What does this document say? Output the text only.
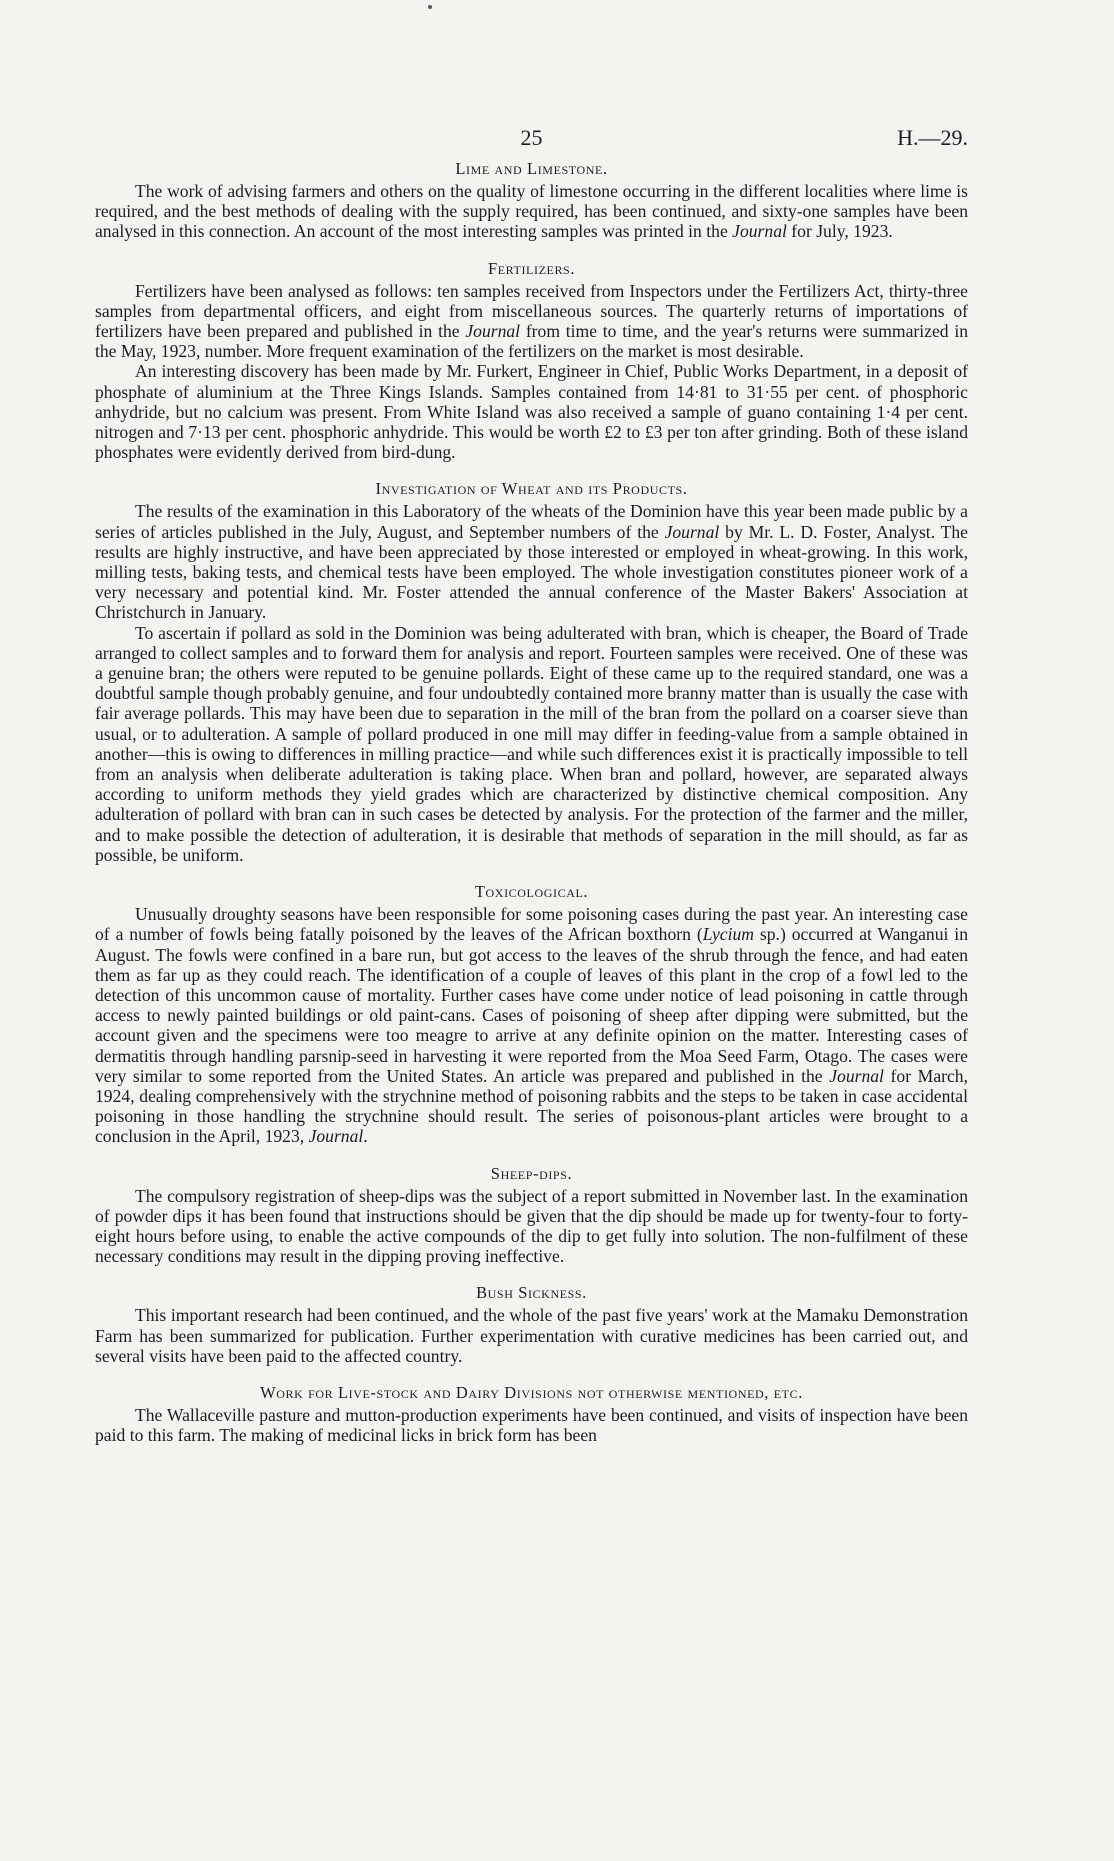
25	H.—29.
Lime and Limestone.

The work of advising farmers and others on the quality of limestone occurring in the different localities where lime is required, and the best methods of dealing with the supply required, has been continued, and sixty-one samples have been analysed in this connection. An account of the most interesting samples was printed in the Journal for July, 1923.

Fertilizers.

Fertilizers have been analysed as follows: ten samples received from Inspectors under the Fertilizers Act, thirty-three samples from departmental officers, and eight from miscellaneous sources. The quarterly returns of importations of fertilizers have been prepared and published in the Journal from time to time, and the year's returns were summarized in the May, 1923, number. More frequent examination of the fertilizers on the market is most desirable.

An interesting discovery has been made by Mr. Furkert, Engineer in Chief, Public Works Department, in a deposit of phosphate of aluminium at the Three Kings Islands. Samples contained from 14·81 to 31·55 per cent. of phosphoric anhydride, but no calcium was present. From White Island was also received a sample of guano containing 1·4 per cent. nitrogen and 7·13 per cent. phosphoric anhydride. This would be worth £2 to £3 per ton after grinding. Both of these island phosphates were evidently derived from bird-dung.

Investigation of Wheat and its Products.

The results of the examination in this Laboratory of the wheats of the Dominion have this year been made public by a series of articles published in the July, August, and September numbers of the Journal by Mr. L. D. Foster, Analyst. The results are highly instructive, and have been appreciated by those interested or employed in wheat-growing. In this work, milling tests, baking tests, and chemical tests have been employed. The whole investigation constitutes pioneer work of a very necessary and potential kind. Mr. Foster attended the annual conference of the Master Bakers' Association at Christchurch in January.

To ascertain if pollard as sold in the Dominion was being adulterated with bran, which is cheaper, the Board of Trade arranged to collect samples and to forward them for analysis and report. Fourteen samples were received. One of these was a genuine bran; the others were reputed to be genuine pollards. Eight of these came up to the required standard, one was a doubtful sample though probably genuine, and four undoubtedly contained more branny matter than is usually the case with fair average pollards. This may have been due to separation in the mill of the bran from the pollard on a coarser sieve than usual, or to adulteration. A sample of pollard produced in one mill may differ in feeding-value from a sample obtained in another—this is owing to differences in milling practice—and while such differences exist it is practically impossible to tell from an analysis when deliberate adulteration is taking place. When bran and pollard, however, are separated always according to uniform methods they yield grades which are characterized by distinctive chemical composition. Any adulteration of pollard with bran can in such cases be detected by analysis. For the protection of the farmer and the miller, and to make possible the detection of adulteration, it is desirable that methods of separation in the mill should, as far as possible, be uniform.

Toxicological.

Unusually droughty seasons have been responsible for some poisoning cases during the past year. An interesting case of a number of fowls being fatally poisoned by the leaves of the African boxthorn (Lycium sp.) occurred at Wanganui in August. The fowls were confined in a bare run, but got access to the leaves of the shrub through the fence, and had eaten them as far up as they could reach. The identification of a couple of leaves of this plant in the crop of a fowl led to the detection of this uncommon cause of mortality. Further cases have come under notice of lead poisoning in cattle through access to newly painted buildings or old paint-cans. Cases of poisoning of sheep after dipping were submitted, but the account given and the specimens were too meagre to arrive at any definite opinion on the matter. Interesting cases of dermatitis through handling parsnip-seed in harvesting it were reported from the Moa Seed Farm, Otago. The cases were very similar to some reported from the United States. An article was prepared and published in the Journal for March, 1924, dealing comprehensively with the strychnine method of poisoning rabbits and the steps to be taken in case accidental poisoning in those handling the strychnine should result. The series of poisonous-plant articles were brought to a conclusion in the April, 1923, Journal.

Sheep-dips.

The compulsory registration of sheep-dips was the subject of a report submitted in November last. In the examination of powder dips it has been found that instructions should be given that the dip should be made up for twenty-four to forty-eight hours before using, to enable the active compounds of the dip to get fully into solution. The non-fulfilment of these necessary conditions may result in the dipping proving ineffective.

Bush Sickness.

This important research had been continued, and the whole of the past five years' work at the Mamaku Demonstration Farm has been summarized for publication. Further experimentation with curative medicines has been carried out, and several visits have been paid to the affected country.

Work for Live-stock and Dairy Divisions not otherwise mentioned, etc.

The Wallaceville pasture and mutton-production experiments have been continued, and visits of inspection have been paid to this farm. The making of medicinal licks in brick form has been
